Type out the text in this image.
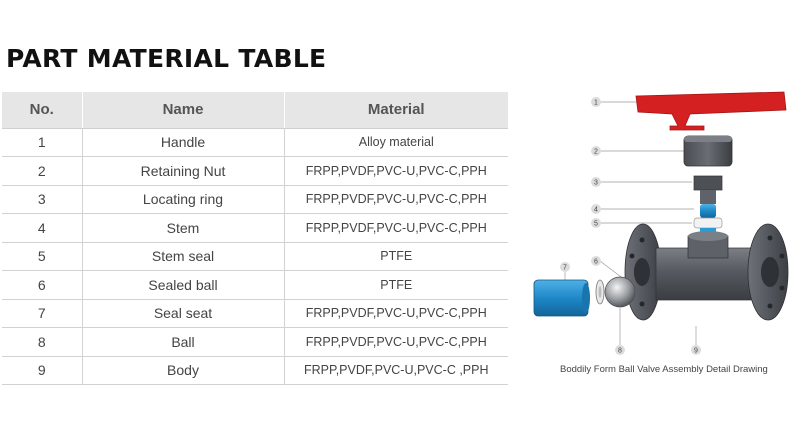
PART MATERIAL TABLE
No.	Name	Material
1	Handle	Alloy material
2	Retaining Nut	FRPP,PVDF,PVC-U,PVC-C,PPH
3	Locating ring	FRPP,PVDF,PVC-U,PVC-C,PPH
4	Stem	FRPP,PVDF,PVC-U,PVC-C,PPH
5	Stem seal	PTFE
6	Sealed ball	PTFE
7	Seal seat	FRPP,PVDF,PVC-U,PVC-C,PPH
8	Ball	FRPP,PVDF,PVC-U,PVC-C,PPH
9	Body	FRPP,PVDF,PVC-U,PVC-C ,PPH
1
2
3
4
5
6
7
8	9
Boddily Form Ball Valve Assembly Detail Drawing
